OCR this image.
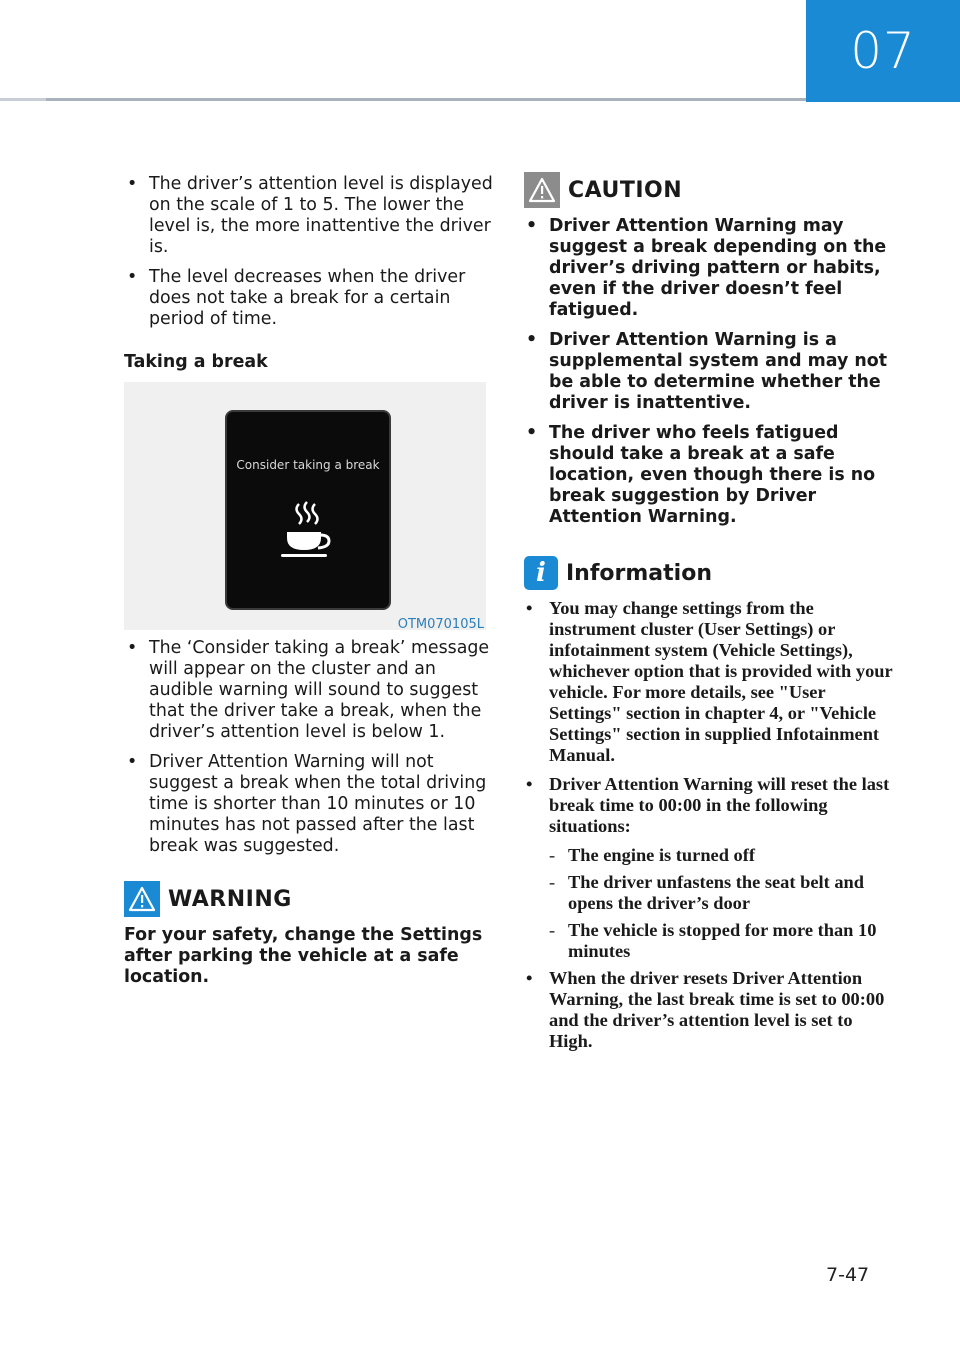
07
• The driver’s attention level is displayed on the scale of 1 to 5. The lower the level is, the more inattentive the driver is.
• The level decreases when the driver does not take a break for a certain period of time.
Taking a break
Consider taking a break
OTM070105L
• The ‘Consider taking a break’ message will appear on the cluster and an audible warning will sound to suggest that the driver take a break, when the driver’s attention level is below 1.
• Driver Attention Warning will not suggest a break when the total driving time is shorter than 10 minutes or 10 minutes has not passed after the last break was suggested.
WARNING
For your safety, change the Settings after parking the vehicle at a safe location.
CAUTION
• Driver Attention Warning may suggest a break depending on the driver’s driving pattern or habits, even if the driver doesn’t feel fatigued.
• Driver Attention Warning is a supplemental system and may not be able to determine whether the driver is inattentive.
• The driver who feels fatigued should take a break at a safe location, even though there is no break suggestion by Driver Attention Warning.
i Information
• You may change settings from the instrument cluster (User Settings) or infotainment system (Vehicle Settings), whichever option that is provided with your vehicle. For more details, see "User Settings" section in chapter 4, or "Vehicle Settings" section in supplied Infotainment Manual.
• Driver Attention Warning will reset the last break time to 00:00 in the following situations:
- The engine is turned off
- The driver unfastens the seat belt and opens the driver’s door
- The vehicle is stopped for more than 10 minutes
• When the driver resets Driver Attention Warning, the last break time is set to 00:00 and the driver’s attention level is set to High.
7-47
